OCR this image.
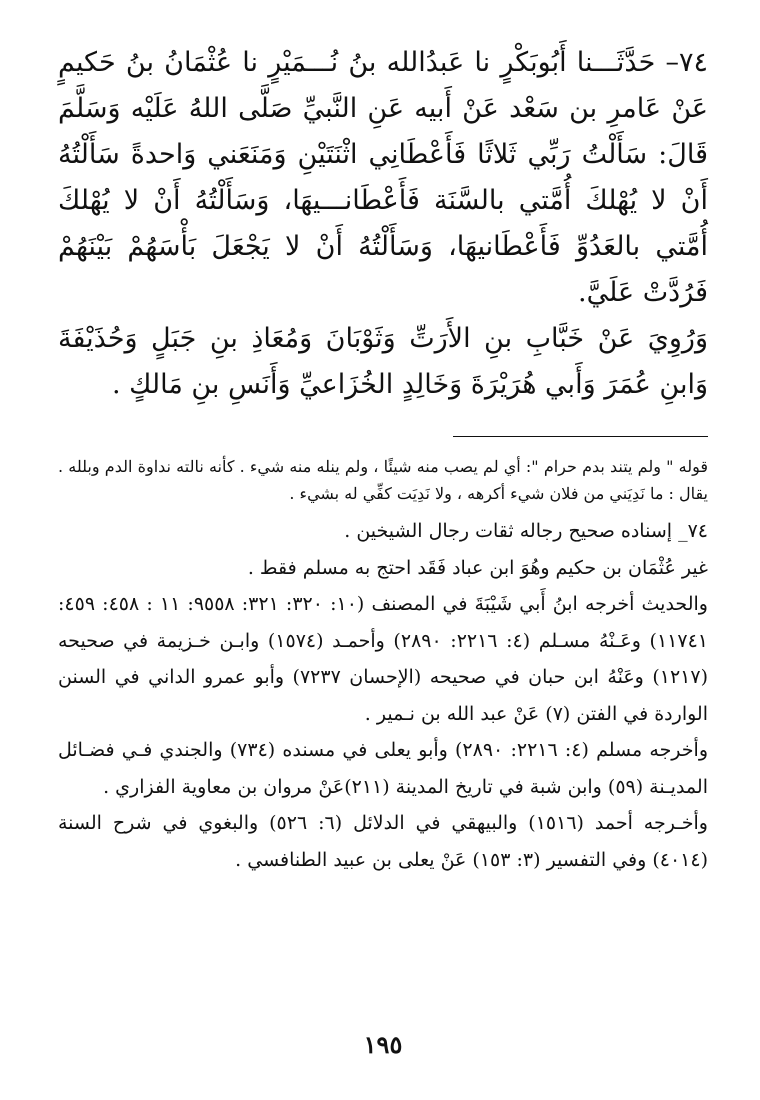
٧٤– حَدَّثَـــنا أَبُوبَكْرٍ نا عَبدُالله بنُ نُـــمَيْرٍ نا عُثْمَانُ بنُ حَكيمٍ عَنْ عَامرِ بن سَعْد عَنْ أَبيه عَنِ النَّبيِّ صَلَّى اللهُ عَلَيْه وَسَلَّمَ قَالَ: سَأَلْتُ رَبِّي ثَلاثًا فَأَعْطَانِي اثْنَتَيْنِ وَمَنَعَني وَاحدةً سَأَلْتُهُ أَنْ لا يُهْلكَ أُمَّتي بالسَّنَة فَأَعْطَانـــيهَا، وَسَأَلْتُهُ أَنْ لا يُهْلكَ أُمَّتي بالعَدُوِّ فَأَعْطَانيهَا، وَسَأَلْتُهُ أَنْ لا يَجْعَلَ بَأْسَهُمْ بَيْنَهُمْ فَرُدَّتْ عَلَيَّ.

وَرُوِيَ عَنْ خَبَّابِ بنِ الأَرَتِّ وَثَوْبَانَ وَمُعَاذِ بنِ جَبَلٍ وَحُذَيْفَةَ وَابنِ عُمَرَ وَأَبي هُرَيْرَةَ وَخَالِدٍ الخُزَاعيِّ وَأَنَسِ بنِ مَالكٍ .

قوله " ولم يتند بدم حرام ": أي لم يصب منه شيئًا ، ولم ينله منه شيء . كأنه نالته نداوة الدم وبلله . يقال : ما نَدِيَني من فلان شيء أكرهه ، ولا نَدِيَت كفِّي له بشيء .

٧٤_ إسناده صحيح رجاله ثقات رجال الشيخين .

غير عُثْمَان بن حكيم وهُوَ ابن عباد فَقَد احتج به مسلم فقط .

والحديث أخرجه ابنُ أَبي شَيْبَةَ في المصنف (١٠: ٣٢٠: ٣٢١: ٩٥٥٨: ١١ : ٤٥٨: ٤٥٩: ١١٧٤١) وعَـنْهُ مسـلم (٤: ٢٢١٦: ٢٨٩٠) وأحمـد (١٥٧٤) وابـن خـزيمة في صحيحه (١٢١٧) وعَنْهُ ابن حبان في صحيحه (الإحسان ٧٢٣٧) وأبو عمرو الداني في السنن الواردة في الفتن (٧) عَنْ عبد الله بن نـمير .

وأخرجه مسلم (٤: ٢٢١٦: ٢٨٩٠) وأبو يعلى في مسنده (٧٣٤) والجندي فـي فضـائل المديـنة (٥٩) وابن شبة في تاريخ المدينة (٢١١)عَنْ مروان بن معاوية الفزاري .

وأخـرجه أحمد (١٥١٦) والبيهقي في الدلائل (٦: ٥٢٦) والبغوي في شرح السنة (٤٠١٤) وفي التفسير (٣: ١٥٣) عَنْ يعلى بن عبيد الطنافسي .

١٩٥
